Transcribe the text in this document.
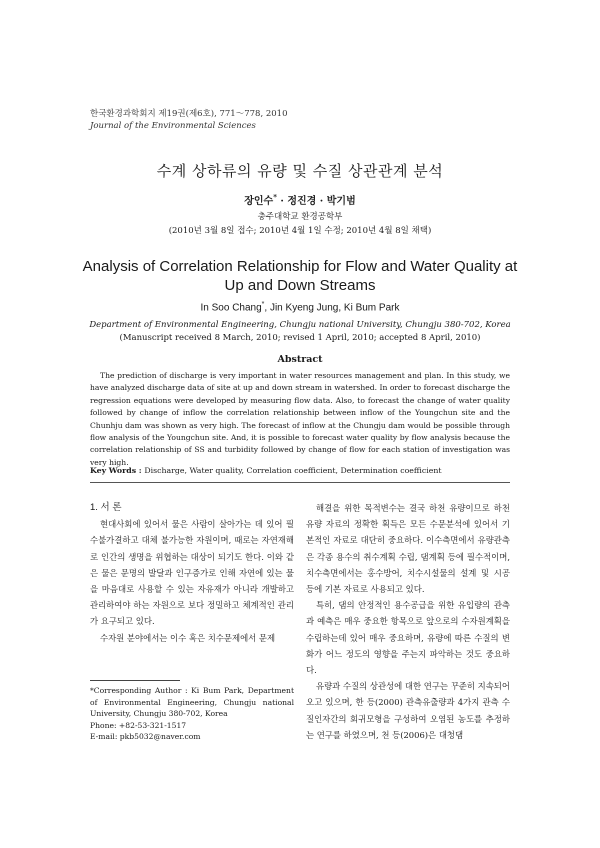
한국환경과학회지 제19권(제6호), 771～778, 2010
Journal of the Environmental Sciences
수계 상하류의 유량 및 수질 상관관계 분석
장인수* · 정진경 · 박기범
충주대학교 환경공학부
(2010년 3월 8일 접수; 2010년 4월 1일 수정; 2010년 4월 8일 채택)
Analysis of Correlation Relationship for Flow and Water Quality at
Up and Down Streams
In Soo Chang*, Jin Kyeng Jung, Ki Bum Park
Department of Environmental Engineering, Chungju national University, Chungju 380-702, Korea
(Manuscript received 8 March, 2010; revised 1 April, 2010; accepted 8 April, 2010)
Abstract
The prediction of discharge is very important in water resources management and plan. In this study, we have analyzed discharge data of site at up and down stream in watershed. In order to forecast discharge the regression equations were developed by measuring flow data. Also, to forecast the change of water quality followed by change of inflow the correlation relationship between inflow of the Youngchun site and the Chunhju dam was shown as very high. The forecast of inflow at the Chungju dam would be possible through flow analysis of the Youngchun site. And, it is possible to forecast water quality by flow analysis because the correlation relationship of SS and turbidity followed by change of flow for each station of investigation was very high.
Key Words : Discharge, Water quality, Correlation coefficient, Determination coefficient

1. 서 론

현대사회에 있어서 물은 사람이 살아가는 데 있어 필수불가결하고 대체 불가능한 자원이며, 때로는 자연재해로 인간의 생명을 위협하는 대상이 되기도 한다. 이와 같은 물은 문명의 발달과 인구증가로 인해 자연에 있는 물을 마음대로 사용할 수 있는 자유재가 아니라 개발하고 관리하여야 하는 자원으로 보다 정밀하고 체계적인 관리가 요구되고 있다.

수자원 분야에서는 이수 혹은 치수문제에서 문제

*Corresponding Author : Ki Bum Park, Department of Environmental Engineering, Chungju national University, Chungju 380-702, Korea

Phone: +82-53-321-1517

E-mail: pkb5032@naver.com

해결을 위한 목적변수는 결국 하천 유량이므로 하천 유량 자료의 정확한 획득은 모든 수문분석에 있어서 기본적인 자료로 대단히 중요하다. 이수측면에서 유량관측은 각종 용수의 취수계획 수립, 댐계획 등에 필수적이며, 치수측면에서는 홍수방어, 치수시설물의 설계 및 시공 등에 기본 자료로 사용되고 있다.

특히, 댐의 안정적인 용수공급을 위한 유입량의 관측과 예측은 매우 중요한 항목으로 앞으로의 수자원계획을 수립하는데 있어 매우 중요하며, 유량에 따른 수질의 변화가 어느 정도의 영향을 주는지 파악하는 것도 중요하다.

유량과 수질의 상관성에 대한 연구는 꾸준히 지속되어 오고 있으며, 한 등(2000) 관측유출량과 4가지 관측 수질인자간의 회귀모형을 구성하여 오염된 농도를 추정하는 연구를 하였으며, 천 등(2006)은 대청댐
